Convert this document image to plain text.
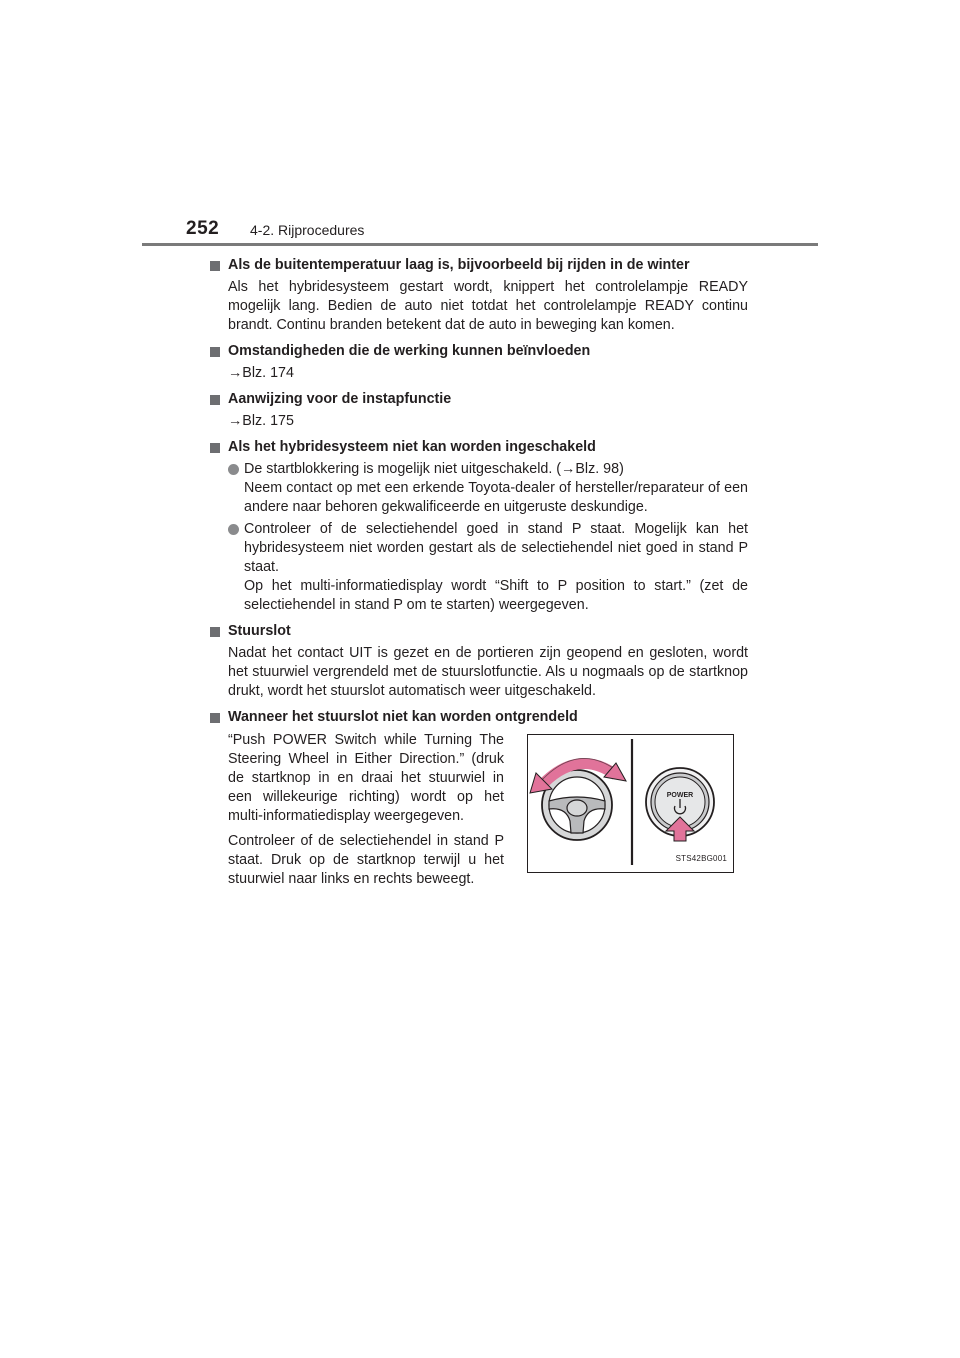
252 4-2. Rijprocedures
Als de buitentemperatuur laag is, bijvoorbeeld bij rijden in de winter

Als het hybridesysteem gestart wordt, knippert het controlelampje READY mogelijk lang. Bedien de auto niet totdat het controlelampje READY continu brandt. Continu branden betekent dat de auto in beweging kan komen.

Omstandigheden die de werking kunnen beïnvloeden
→Blz. 174
Aanwijzing voor de instapfunctie
→Blz. 175
Als het hybridesysteem niet kan worden ingeschakeld
De startblokkering is mogelijk niet uitgeschakeld. (→Blz. 98)
Neem contact op met een erkende Toyota-dealer of hersteller/reparateur of een andere naar behoren gekwalificeerde en uitgeruste deskundige.
Controleer of de selectiehendel goed in stand P staat. Mogelijk kan het hybridesysteem niet worden gestart als de selectiehendel niet goed in stand P staat.
Op het multi-informatiedisplay wordt “Shift to P position to start.” (zet de selectiehendel in stand P om te starten) weergegeven.
Stuurslot

Nadat het contact UIT is gezet en de portieren zijn geopend en gesloten, wordt het stuurwiel vergrendeld met de stuurslotfunctie. Als u nogmaals op de startknop drukt, wordt het stuurslot automatisch weer uitgeschakeld.

Wanneer het stuurslot niet kan worden ontgrendeld

“Push POWER Switch while Turning The Steering Wheel in Either Direction.” (druk de startknop in en draai het stuurwiel in een willekeurige richting) wordt op het multi-informatiedisplay weergegeven.

Controleer of de selectiehendel in stand P staat. Druk op de startknop terwijl u het stuurwiel naar links en rechts beweegt.

POWER
STS42BG001
